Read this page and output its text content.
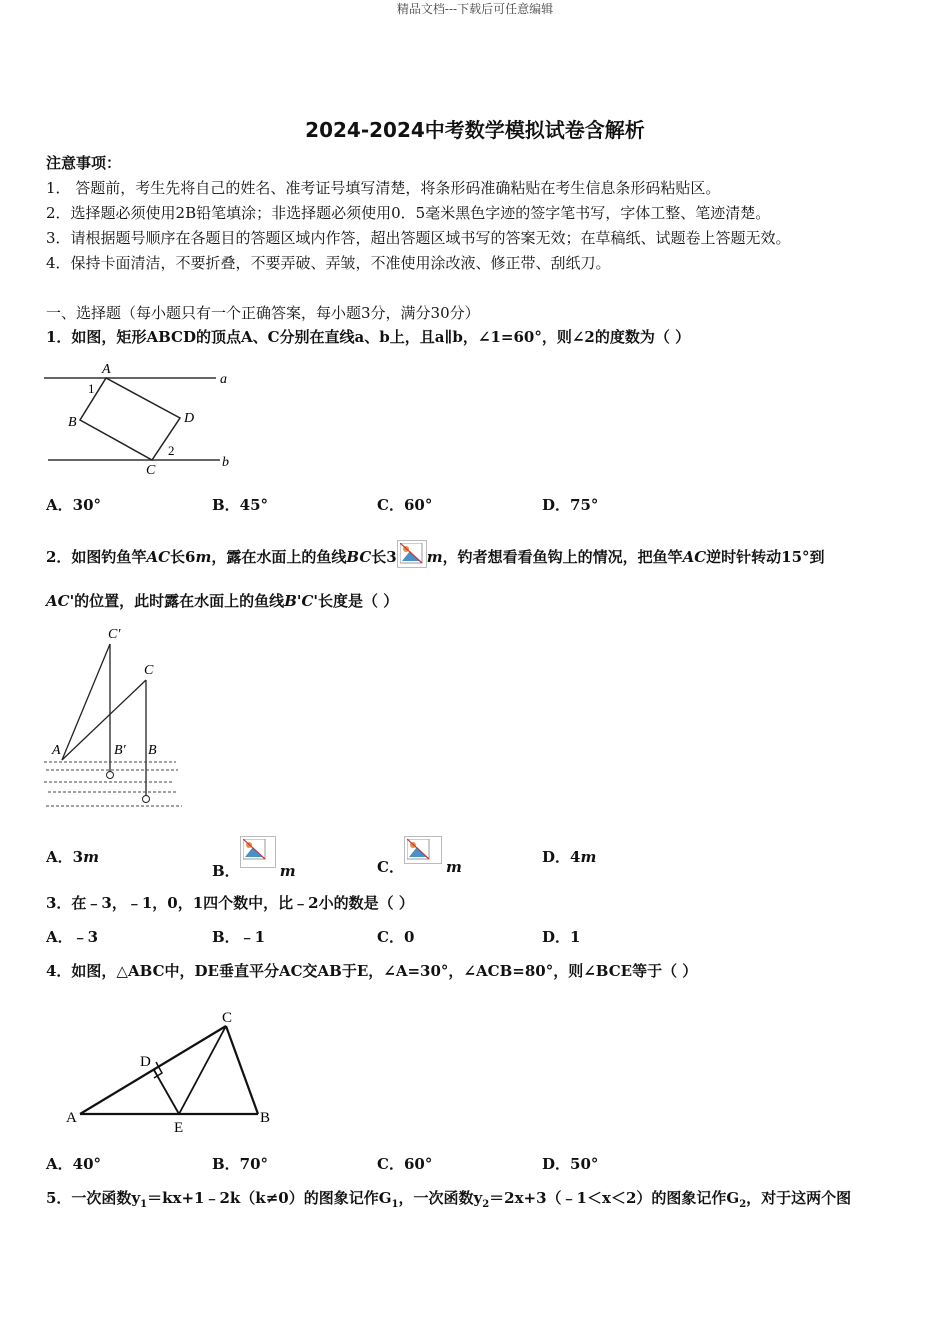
精品文档---下载后可任意编辑
2024-2024中考数学模拟试卷含解析
注意事项：
1． 答题前，考生先将自己的姓名、准考证号填写清楚，将条形码准确粘贴在考生信息条形码粘贴区。
2．选择题必须使用2B铅笔填涂；非选择题必须使用0．5毫米黑色字迹的签字笔书写，字体工整、笔迹清楚。
3．请根据题号顺序在各题目的答题区域内作答，超出答题区域书写的答案无效；在草稿纸、试题卷上答题无效。
4．保持卡面清洁，不要折叠，不要弄破、弄皱，不准使用涂改液、修正带、刮纸刀。
一、选择题（每小题只有一个正确答案，每小题3分，满分30分）
1．如图，矩形ABCD的顶点A、C分别在直线a、b上，且a∥b，∠1=60°，则∠2的度数为（ ）
A
B
C
D
a
b
1
2
A．30°	B．45°	C．60°	D．75°
2．如图钓鱼竿AC长6m，露在水面上的鱼线BC长3 m，钓者想看看鱼钩上的情况，把鱼竿AC逆时针转动15°到
AC'的位置，此时露在水面上的鱼线B'C'长度是（ ）
C′
C
A	B′ B
A．3m
B．	m	C．	m
D．4m
3．在﹣3，﹣1，0，1四个数中，比﹣2小的数是（ ）
A．﹣3	B．﹣1	C．0	D．1
4．如图，△ABC中，DE垂直平分AC交AB于E，∠A=30°，∠ACB=80°，则∠BCE等于（ ）
C
D
A
E
B
A．40°	B．70°	C．60°	D．50°
5．一次函数$y_1=kx+1﹣2k(k\ne 0)$的图象记作$G_1$，一次函数$y_2=2x+3(﹣1<x<2)$的图象记作$G_2$，对于这两个图
